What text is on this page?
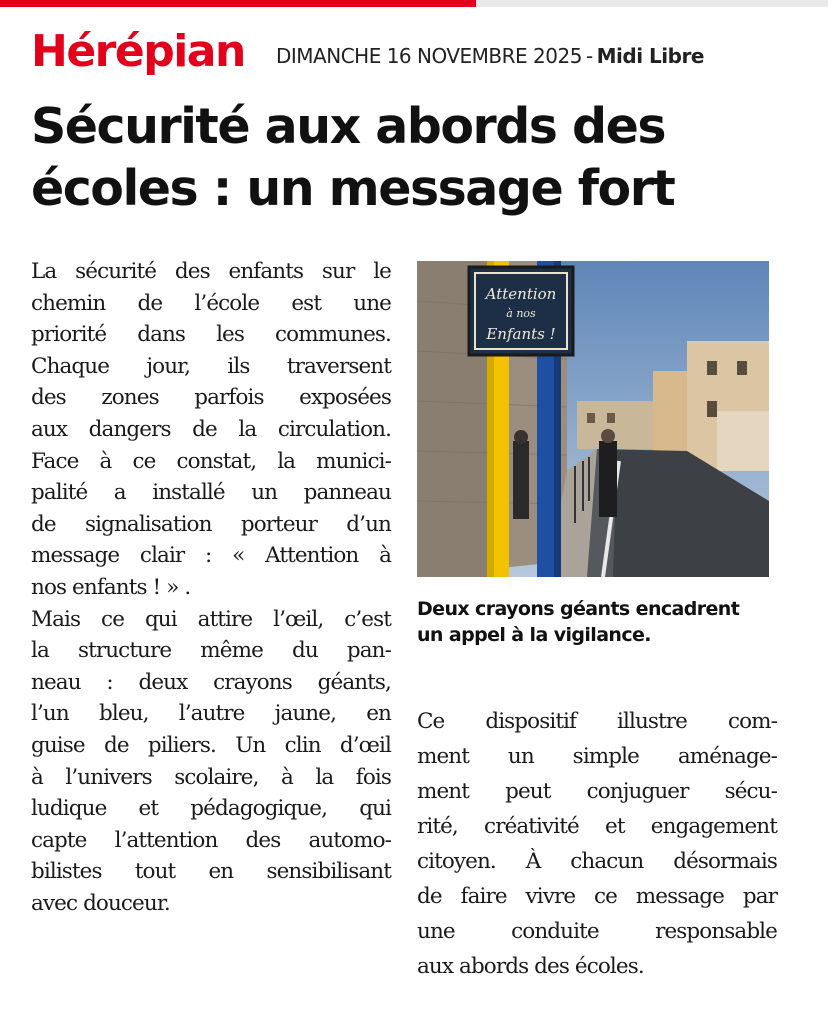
Hérépian DIMANCHE 16 NOVEMBRE 2025 - Midi Libre
Sécurité aux abords des
écoles : un message fort

La sécurité des enfants sur le
chemin de l’école est une
priorité dans les communes.
Chaque jour, ils traversent
des zones parfois exposées
aux dangers de la circulation.
Face à ce constat, la munici-
palité a installé un panneau
de signalisation porteur d’un
message clair : « Attention à
nos enfants ! » .

Mais ce qui attire l’œil, c’est
la structure même du pan-
neau : deux crayons géants,
l’un bleu, l’autre jaune, en
guise de piliers. Un clin d’œil
à l’univers scolaire, à la fois
ludique et pédagogique, qui
capte l’attention des automo-
bilistes tout en sensibilisant
avec douceur.

Attention
à nos
Enfants !
Deux crayons géants encadrent
un appel à la vigilance.

Ce dispositif illustre com-
ment un simple aménage-
ment peut conjuguer sécu-
rité, créativité et engagement
citoyen. À chacun désormais
de faire vivre ce message par
une conduite responsable
aux abords des écoles.
